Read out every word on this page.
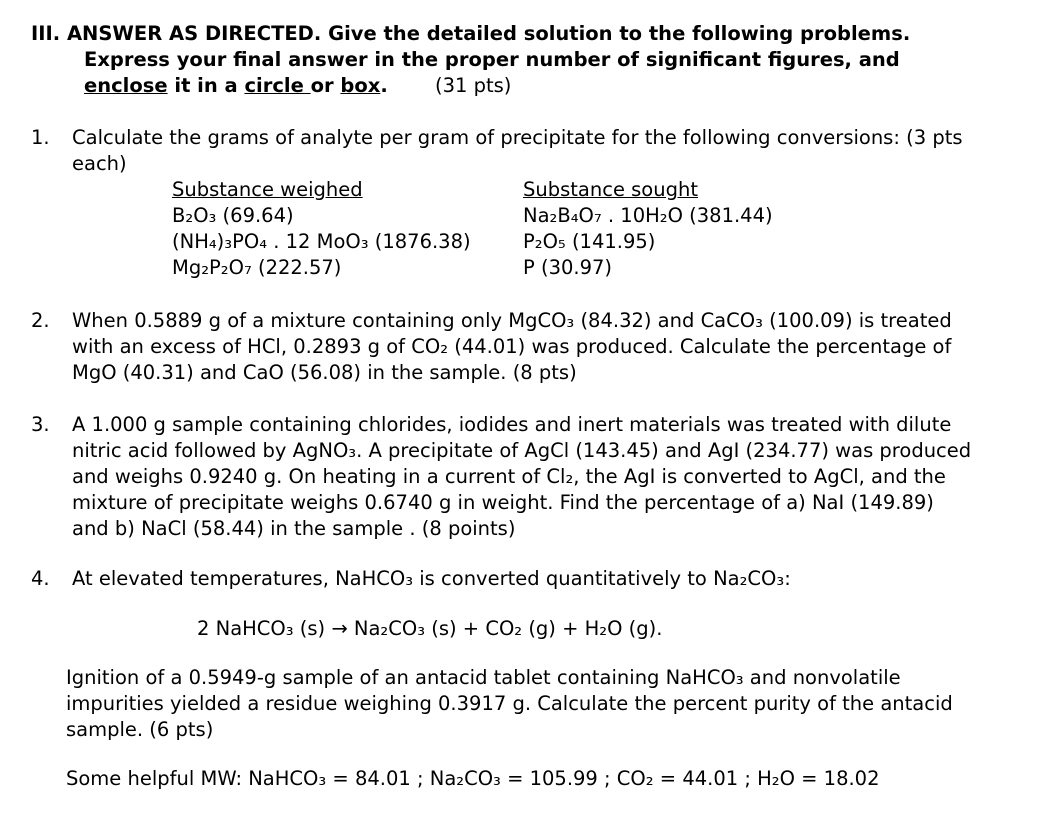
III. ANSWER AS DIRECTED. Give the detailed solution to the following problems.
Express your final answer in the proper number of significant figures, and
enclose it in a circle or box. (31 pts)
1. Calculate the grams of analyte per gram of precipitate for the following conversions: (3 pts
each)
Substance weighed	Substance sought
B₂O₃ (69.64)	Na₂B₄O₇ . 10H₂O (381.44)
(NH₄)₃PO₄ . 12 MoO₃ (1876.38)	P₂O₅ (141.95)
Mg₂P₂O₇ (222.57)	P (30.97)
2. When 0.5889 g of a mixture containing only MgCO₃ (84.32) and CaCO₃ (100.09) is treated
with an excess of HCl, 0.2893 g of CO₂ (44.01) was produced. Calculate the percentage of
MgO (40.31) and CaO (56.08) in the sample. (8 pts)
3. A 1.000 g sample containing chlorides, iodides and inert materials was treated with dilute
nitric acid followed by AgNO₃. A precipitate of AgCl (143.45) and AgI (234.77) was produced
and weighs 0.9240 g. On heating in a current of Cl₂, the AgI is converted to AgCl, and the
mixture of precipitate weighs 0.6740 g in weight. Find the percentage of a) NaI (149.89)
and b) NaCl (58.44) in the sample . (8 points)
4. At elevated temperatures, NaHCO₃ is converted quantitatively to Na₂CO₃:
2 NaHCO₃ (s) → Na₂CO₃ (s) + CO₂ (g) + H₂O (g).
Ignition of a 0.5949-g sample of an antacid tablet containing NaHCO₃ and nonvolatile
impurities yielded a residue weighing 0.3917 g. Calculate the percent purity of the antacid
sample. (6 pts)
Some helpful MW: NaHCO₃ = 84.01 ; Na₂CO₃ = 105.99 ; CO₂ = 44.01 ; H₂O = 18.02
